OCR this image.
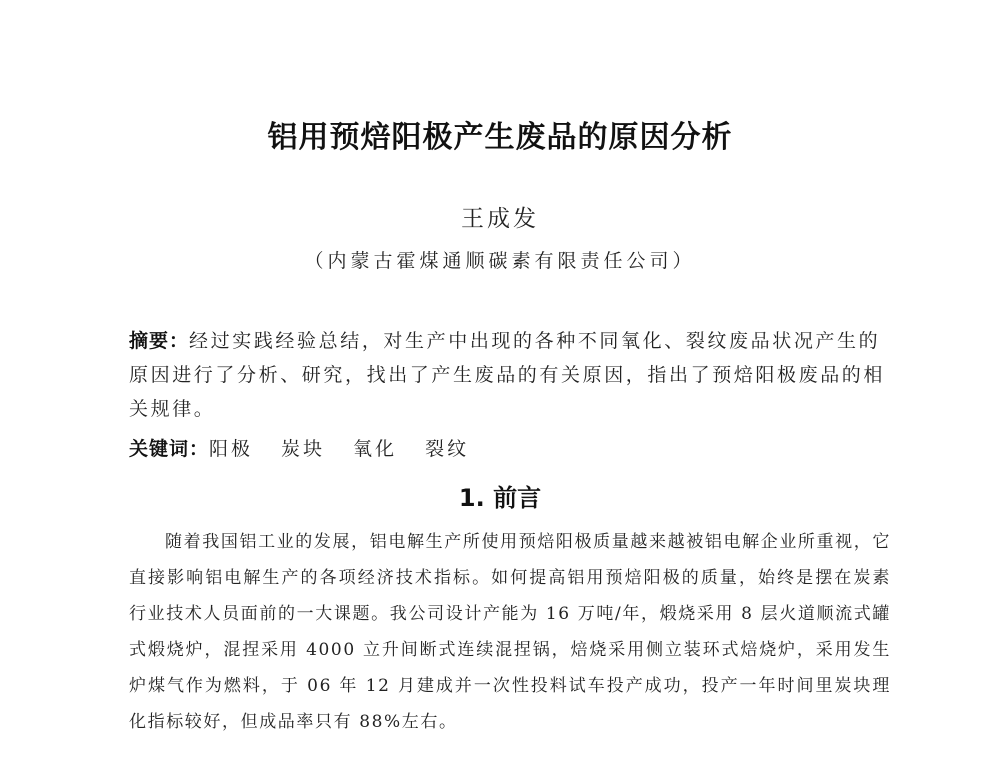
铝用预焙阳极产生废品的原因分析
王成发
（内蒙古霍煤通顺碳素有限责任公司）

摘要：经过实践经验总结，对生产中出现的各种不同氧化、裂纹废品状况产生的原因进行了分析、研究，找出了产生废品的有关原因，指出了预焙阳极废品的相关规律。

关键词：阳极 炭块 氧化 裂纹

1. 前言

随着我国铝工业的发展，铝电解生产所使用预焙阳极质量越来越被铝电解企业所重视，它直接影响铝电解生产的各项经济技术指标。如何提高铝用预焙阳极的质量，始终是摆在炭素行业技术人员面前的一大课题。我公司设计产能为 16 万吨/年，煅烧采用 8 层火道顺流式罐式煅烧炉，混捏采用 4000 立升间断式连续混捏锅，焙烧采用侧立装环式焙烧炉，采用发生炉煤气作为燃料，于 06 年 12 月建成并一次性投料试车投产成功，投产一年时间里炭块理化指标较好，但成品率只有 88%左右。
